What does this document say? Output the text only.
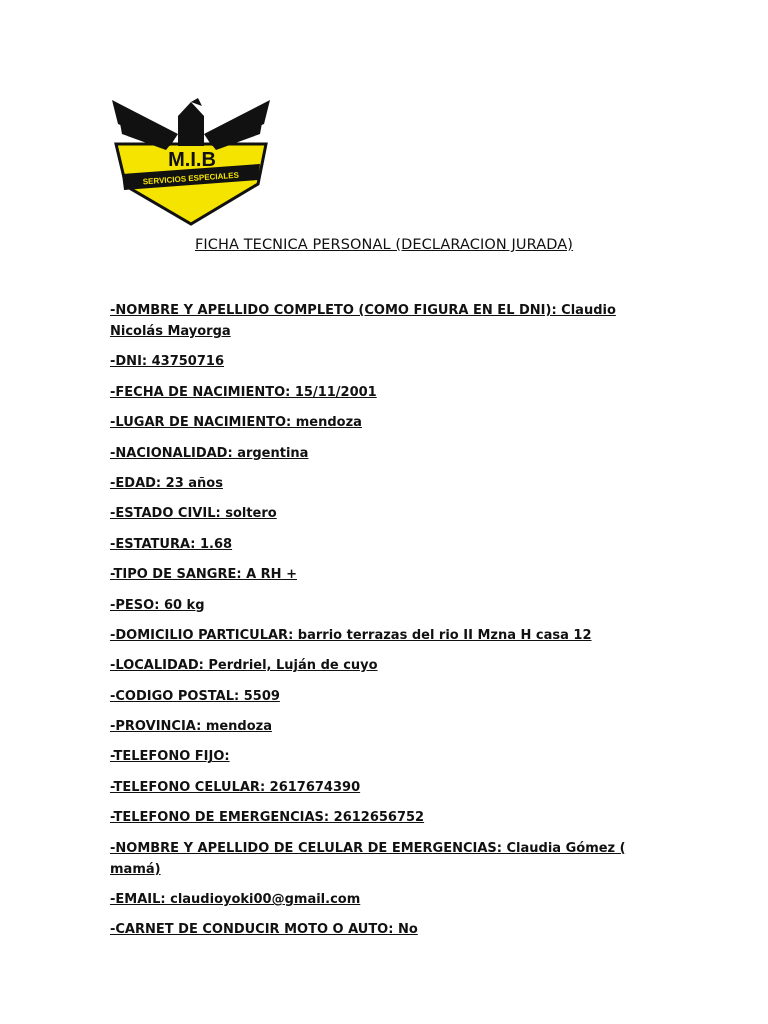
M.I.B
SERVICIOS ESPECIALES
FICHA TECNICA PERSONAL (DECLARACION JURADA)
-NOMBRE Y APELLIDO COMPLETO (COMO FIGURA EN EL DNI): Claudio Nicolás Mayorga
-DNI: 43750716
-FECHA DE NACIMIENTO: 15/11/2001
-LUGAR DE NACIMIENTO: mendoza
-NACIONALIDAD: argentina
-EDAD: 23 años
-ESTADO CIVIL: soltero
-ESTATURA: 1.68
-TIPO DE SANGRE: A RH +
-PESO: 60 kg
-DOMICILIO PARTICULAR: barrio terrazas del rio II Mzna H casa 12
-LOCALIDAD: Perdriel, Luján de cuyo
-CODIGO POSTAL: 5509
-PROVINCIA: mendoza
-TELEFONO FIJO:
-TELEFONO CELULAR: 2617674390
-TELEFONO DE EMERGENCIAS: 2612656752
-NOMBRE Y APELLIDO DE CELULAR DE EMERGENCIAS: Claudia Gómez ( mamá)
-EMAIL: claudioyoki00@gmail.com
-CARNET DE CONDUCIR MOTO O AUTO: No
